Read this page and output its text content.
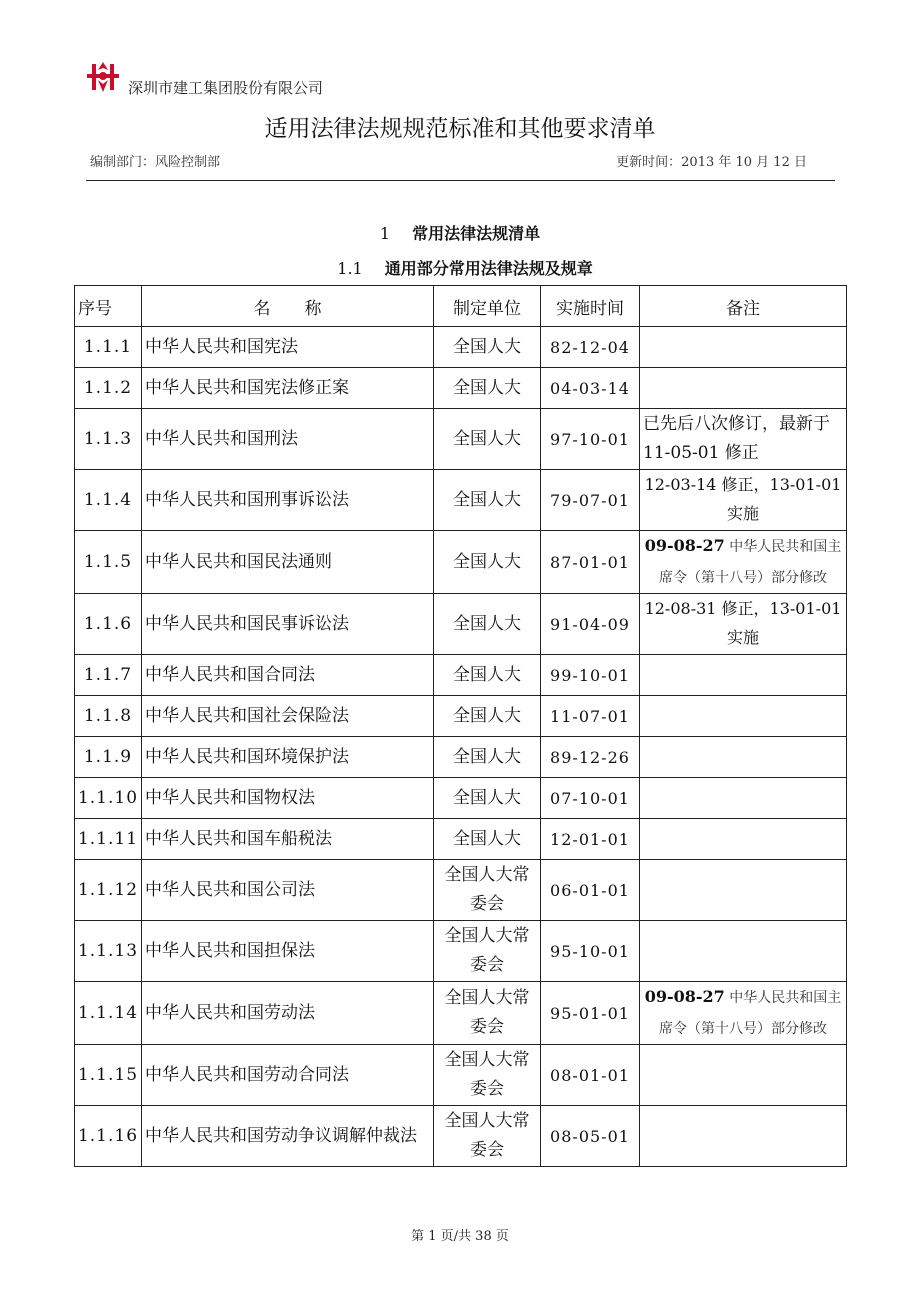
深圳市建工集团股份有限公司
适用法律法规规范标准和其他要求清单
编制部门：风险控制部	更新时间：2013 年 10 月 12 日
1 常用法律法规清单
1.1 通用部分常用法律法规及规章
序号	名　　称	制定单位	实施时间	备注
1.1.1	中华人民共和国宪法	全国人大	82-12-04	
1.1.2	中华人民共和国宪法修正案	全国人大	04-03-14	
1.1.3	中华人民共和国刑法	全国人大	97-10-01	已先后八次修订，最新于 11-05-01 修正
1.1.4	中华人民共和国刑事诉讼法	全国人大	79-07-01	12-03-14 修正，13-01-01 实施
1.1.5	中华人民共和国民法通则	全国人大	87-01-01	09-08-27 中华人民共和国主席令（第十八号）部分修改
1.1.6	中华人民共和国民事诉讼法	全国人大	91-04-09	12-08-31 修正，13-01-01 实施
1.1.7	中华人民共和国合同法	全国人大	99-10-01	
1.1.8	中华人民共和国社会保险法	全国人大	11-07-01	
1.1.9	中华人民共和国环境保护法	全国人大	89-12-26	
1.1.10	中华人民共和国物权法	全国人大	07-10-01	
1.1.11	中华人民共和国车船税法	全国人大	12-01-01	
1.1.12	中华人民共和国公司法	全国人大常委会	06-01-01	
1.1.13	中华人民共和国担保法	全国人大常委会	95-10-01	
1.1.14	中华人民共和国劳动法	全国人大常委会	95-01-01	09-08-27 中华人民共和国主席令（第十八号）部分修改
1.1.15	中华人民共和国劳动合同法	全国人大常委会	08-01-01	
1.1.16	中华人民共和国劳动争议调解仲裁法	全国人大常委会	08-05-01	
第 1 页/共 38 页
